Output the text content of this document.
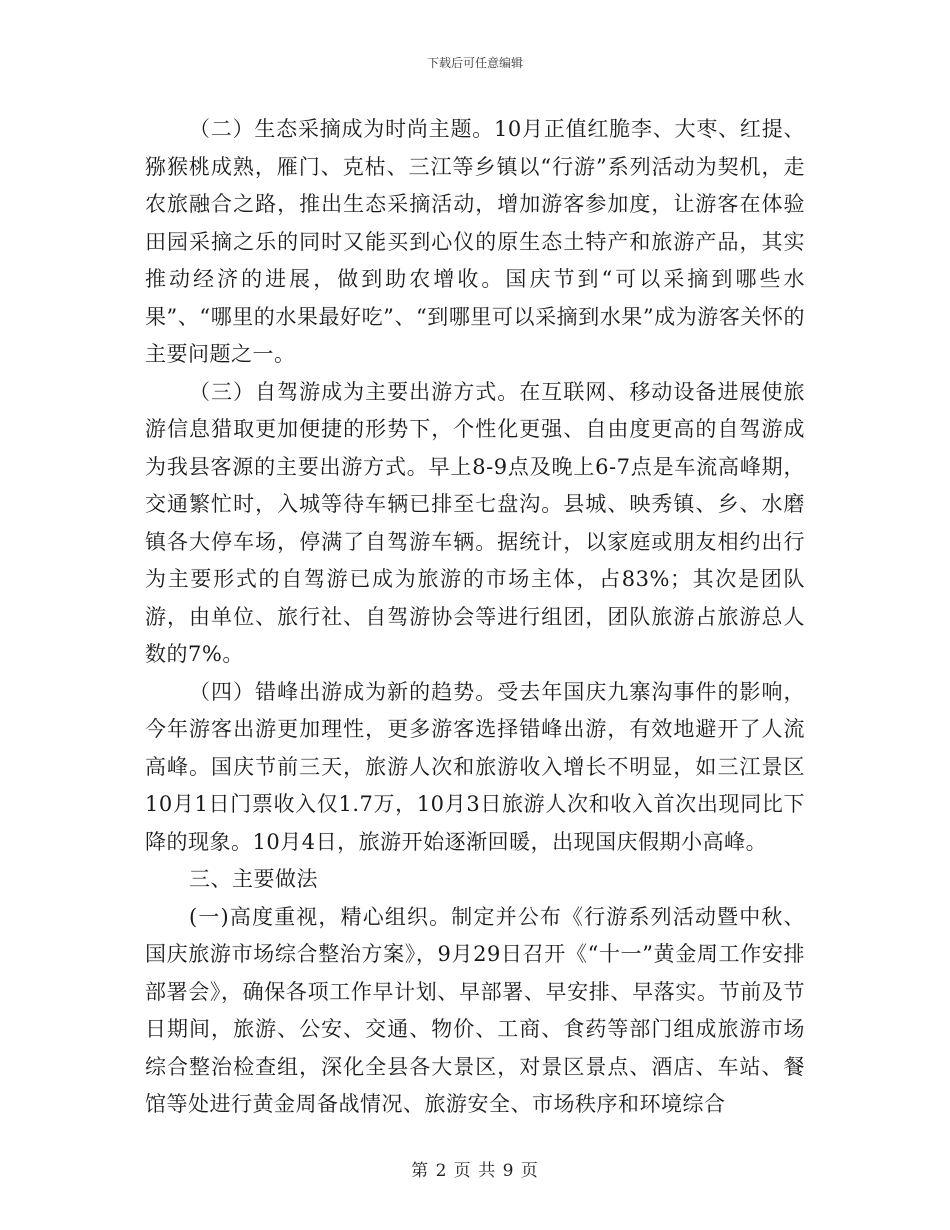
下载后可任意编辑

（二）生态采摘成为时尚主题。10月正值红脆李、大枣、红提、猕猴桃成熟，雁门、克枯、三江等乡镇以“行游”系列活动为契机，走农旅融合之路，推出生态采摘活动，增加游客参加度，让游客在体验田园采摘之乐的同时又能买到心仪的原生态土特产和旅游产品，其实推动经济的进展，做到助农增收。国庆节到“可以采摘到哪些水果”、“哪里的水果最好吃”、“到哪里可以采摘到水果”成为游客关怀的主要问题之一。

（三）自驾游成为主要出游方式。在互联网、移动设备进展使旅游信息猎取更加便捷的形势下，个性化更强、自由度更高的自驾游成为我县客源的主要出游方式。早上8-9点及晚上6-7点是车流高峰期，交通繁忙时，入城等待车辆已排至七盘沟。县城、映秀镇、乡、水磨镇各大停车场，停满了自驾游车辆。据统计，以家庭或朋友相约出行为主要形式的自驾游已成为旅游的市场主体，占83%；其次是团队游，由单位、旅行社、自驾游协会等进行组团，团队旅游占旅游总人数的7%。

（四）错峰出游成为新的趋势。受去年国庆九寨沟事件的影响，今年游客出游更加理性，更多游客选择错峰出游，有效地避开了人流高峰。国庆节前三天，旅游人次和旅游收入增长不明显，如三江景区10月1日门票收入仅1.7万，10月3日旅游人次和收入首次出现同比下降的现象。10月4日，旅游开始逐渐回暖，出现国庆假期小高峰。

三、主要做法

(一)高度重视，精心组织。制定并公布《行游系列活动暨中秋、国庆旅游市场综合整治方案》，9月29日召开《“十一”黄金周工作安排部署会》，确保各项工作早计划、早部署、早安排、早落实。节前及节日期间，旅游、公安、交通、物价、工商、食药等部门组成旅游市场综合整治检查组，深化全县各大景区，对景区景点、酒店、车站、餐馆等处进行黄金周备战情况、旅游安全、市场秩序和环境综合

第 2 页 共 9 页
